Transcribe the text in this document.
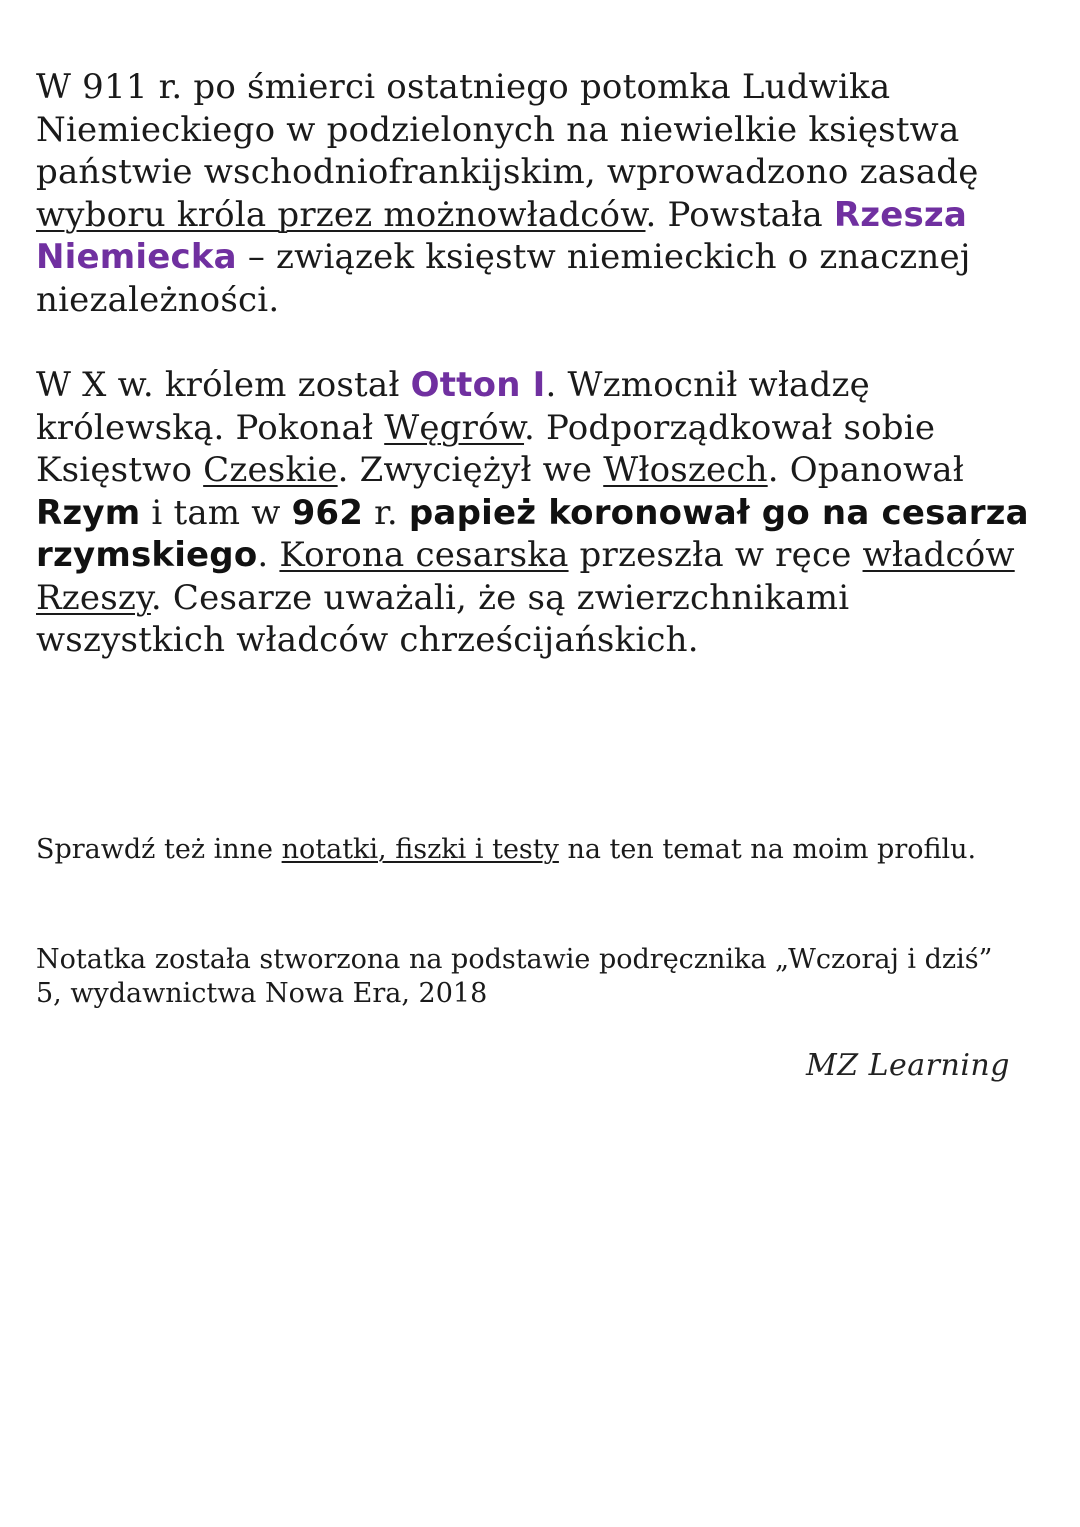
W 911 r. po śmierci ostatniego potomka Ludwika Niemieckiego w podzielonych na niewielkie księstwa państwie wschodniofrankijskim, wprowadzono zasadę wyboru króla przez możnowładców. Powstała Rzesza Niemiecka – związek księstw niemieckich o znacznej niezależności.
W X w. królem został Otton I. Wzmocnił władzę królewską. Pokonał Węgrów. Podporządkował sobie Księstwo Czeskie. Zwyciężył we Włoszech. Opanował Rzym i tam w 962 r. papież koronował go na cesarza rzymskiego. Korona cesarska przeszła w ręce władców Rzeszy. Cesarze uważali, że są zwierzchnikami wszystkich władców chrześcijańskich.
Sprawdź też inne notatki, fiszki i testy na ten temat na moim profilu.
Notatka została stworzona na podstawie podręcznika „Wczoraj i dziś”
5, wydawnictwa Nowa Era, 2018
MZ Learning
